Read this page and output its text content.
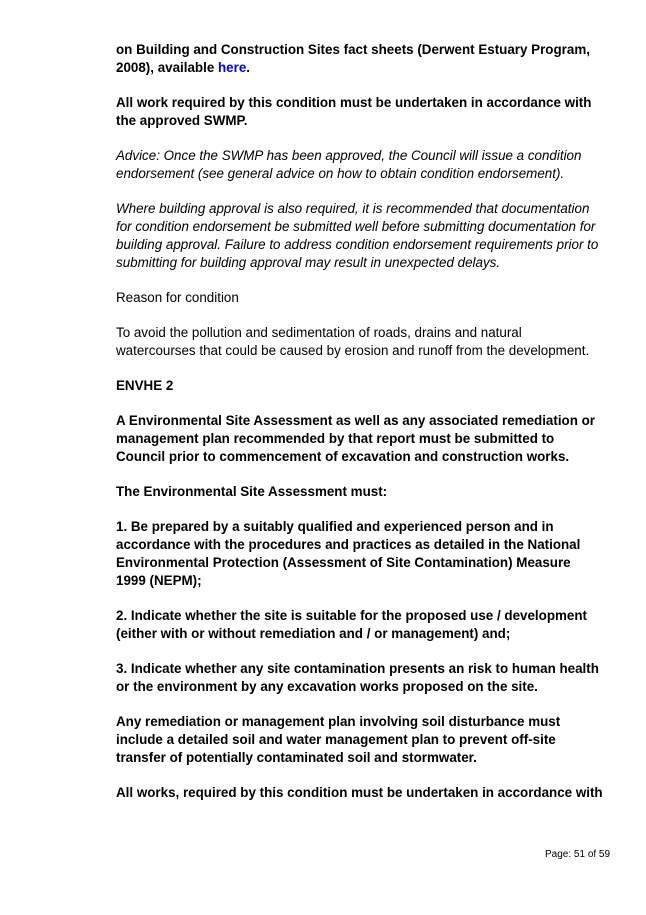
on Building and Construction Sites fact sheets (Derwent Estuary Program, 2008), available here.

All work required by this condition must be undertaken in accordance with the approved SWMP.

Advice: Once the SWMP has been approved, the Council will issue a condition endorsement (see general advice on how to obtain condition endorsement).

Where building approval is also required, it is recommended that documentation for condition endorsement be submitted well before submitting documentation for building approval. Failure to address condition endorsement requirements prior to submitting for building approval may result in unexpected delays.

Reason for condition

To avoid the pollution and sedimentation of roads, drains and natural watercourses that could be caused by erosion and runoff from the development.

ENVHE 2

A Environmental Site Assessment as well as any associated remediation or management plan recommended by that report must be submitted to Council prior to commencement of excavation and construction works.

The Environmental Site Assessment must:

1. Be prepared by a suitably qualified and experienced person and in accordance with the procedures and practices as detailed in the National Environmental Protection (Assessment of Site Contamination) Measure 1999 (NEPM);

2. Indicate whether the site is suitable for the proposed use / development (either with or without remediation and / or management) and;

3. Indicate whether any site contamination presents an risk to human health or the environment by any excavation works proposed on the site.

Any remediation or management plan involving soil disturbance must include a detailed soil and water management plan to prevent off-site transfer of potentially contaminated soil and stormwater.

All works, required by this condition must be undertaken in accordance with

Page: 51 of 59
